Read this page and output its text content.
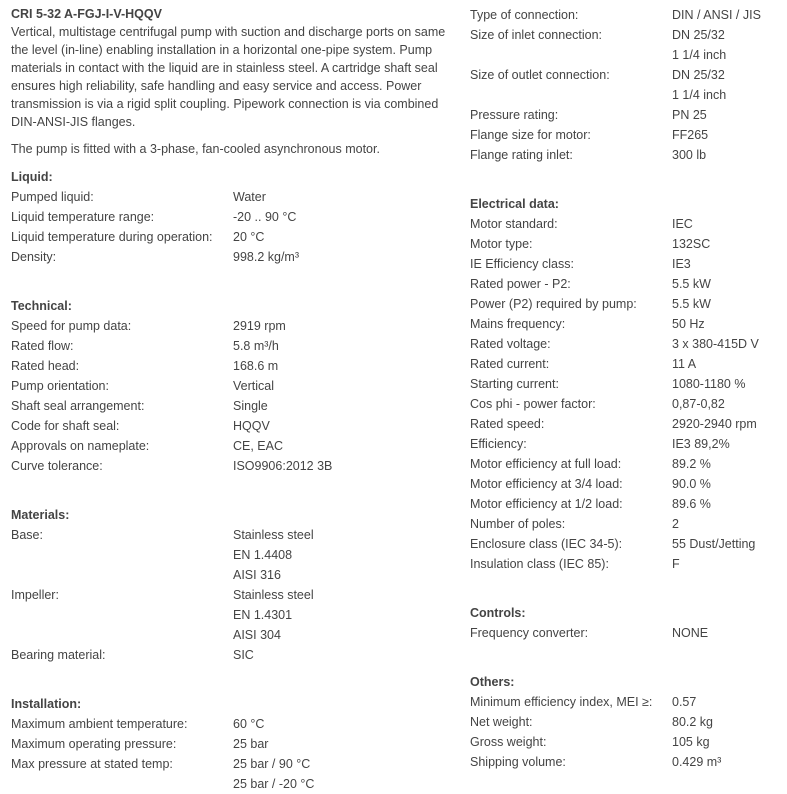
CRI 5-32 A-FGJ-I-V-HQQV

Vertical, multistage centrifugal pump with suction and discharge ports on same the level (in-line) enabling installation in a horizontal one-pipe system. Pump materials in contact with the liquid are in stainless steel. A cartridge shaft seal ensures high reliability, safe handling and easy service and access. Power transmission is via a rigid split coupling. Pipework connection is via combined DIN-ANSI-JIS flanges.

The pump is fitted with a 3-phase, fan-cooled asynchronous motor.

Liquid:
Pumped liquid:	Water
Liquid temperature range:	-20 .. 90 °C
Liquid temperature during operation:	20 °C
Density:	998.2 kg/m³
Technical:
Speed for pump data:	2919 rpm
Rated flow:	5.8 m³/h
Rated head:	168.6 m
Pump orientation:	Vertical
Shaft seal arrangement:	Single
Code for shaft seal:	HQQV
Approvals on nameplate:	CE, EAC
Curve tolerance:	ISO9906:2012 3B
Materials:
Base:	Stainless steel
EN 1.4408
AISI 316
Impeller:	Stainless steel
EN 1.4301
AISI 304
Bearing material:	SIC
Installation:
Maximum ambient temperature:	60 °C
Maximum operating pressure:	25 bar
Max pressure at stated temp:	25 bar / 90 °C
25 bar / -20 °C
Type of connection:	DIN / ANSI / JIS
Size of inlet connection:	DN 25/32
1 1/4 inch
Size of outlet connection:	DN 25/32
1 1/4 inch
Pressure rating:	PN 25
Flange size for motor:	FF265
Flange rating inlet:	300 lb
Electrical data:
Motor standard:	IEC
Motor type:	132SC
IE Efficiency class:	IE3
Rated power - P2:	5.5 kW
Power (P2) required by pump:	5.5 kW
Mains frequency:	50 Hz
Rated voltage:	3 x 380-415D V
Rated current:	11 A
Starting current:	1080-1180 %
Cos phi - power factor:	0,87-0,82
Rated speed:	2920-2940 rpm
Efficiency:	IE3 89,2%
Motor efficiency at full load:	89.2 %
Motor efficiency at 3/4 load:	90.0 %
Motor efficiency at 1/2 load:	89.6 %
Number of poles:	2
Enclosure class (IEC 34-5):	55 Dust/Jetting
Insulation class (IEC 85):	F
Controls:
Frequency converter:	NONE
Others:
Minimum efficiency index, MEI ≥:	0.57
Net weight:	80.2 kg
Gross weight:	105 kg
Shipping volume:	0.429 m³
